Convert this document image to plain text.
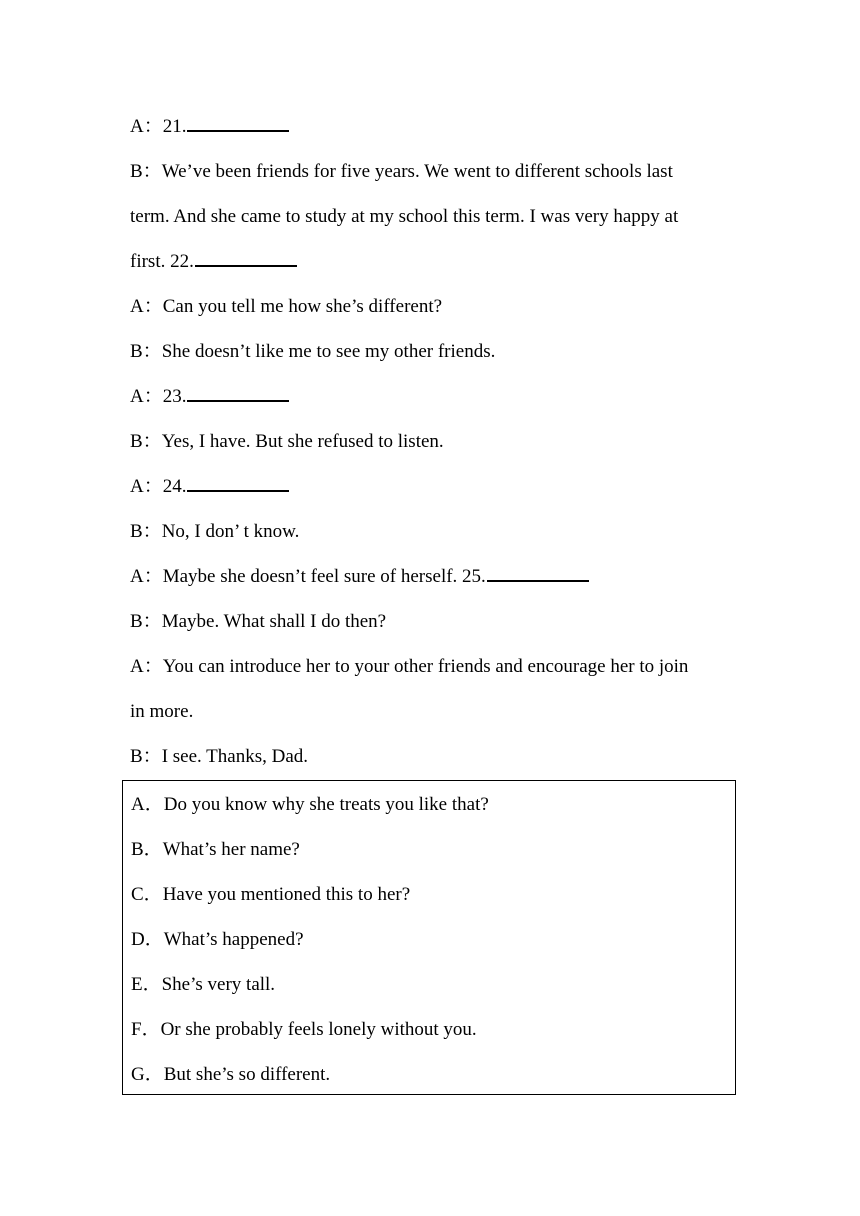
A：21.
B：We’ve been friends for five years. We went to different schools last
term. And she came to study at my school this term. I was very happy at
first. 22.
A：Can you tell me how she’s different?
B：She doesn’t like me to see my other friends.
A：23.
B：Yes, I have. But she refused to listen.
A：24.
B：No, I don’ t know.
A：Maybe she doesn’t feel sure of herself. 25.
B：Maybe. What shall I do then?
A：You can introduce her to your other friends and encourage her to join
in more.
B：I see. Thanks, Dad.
A．Do you know why she treats you like that?
B．What’s her name?
C．Have you mentioned this to her?
D．What’s happened?
E．She’s very tall.
F．Or she probably feels lonely without you.
G．But she’s so different.
